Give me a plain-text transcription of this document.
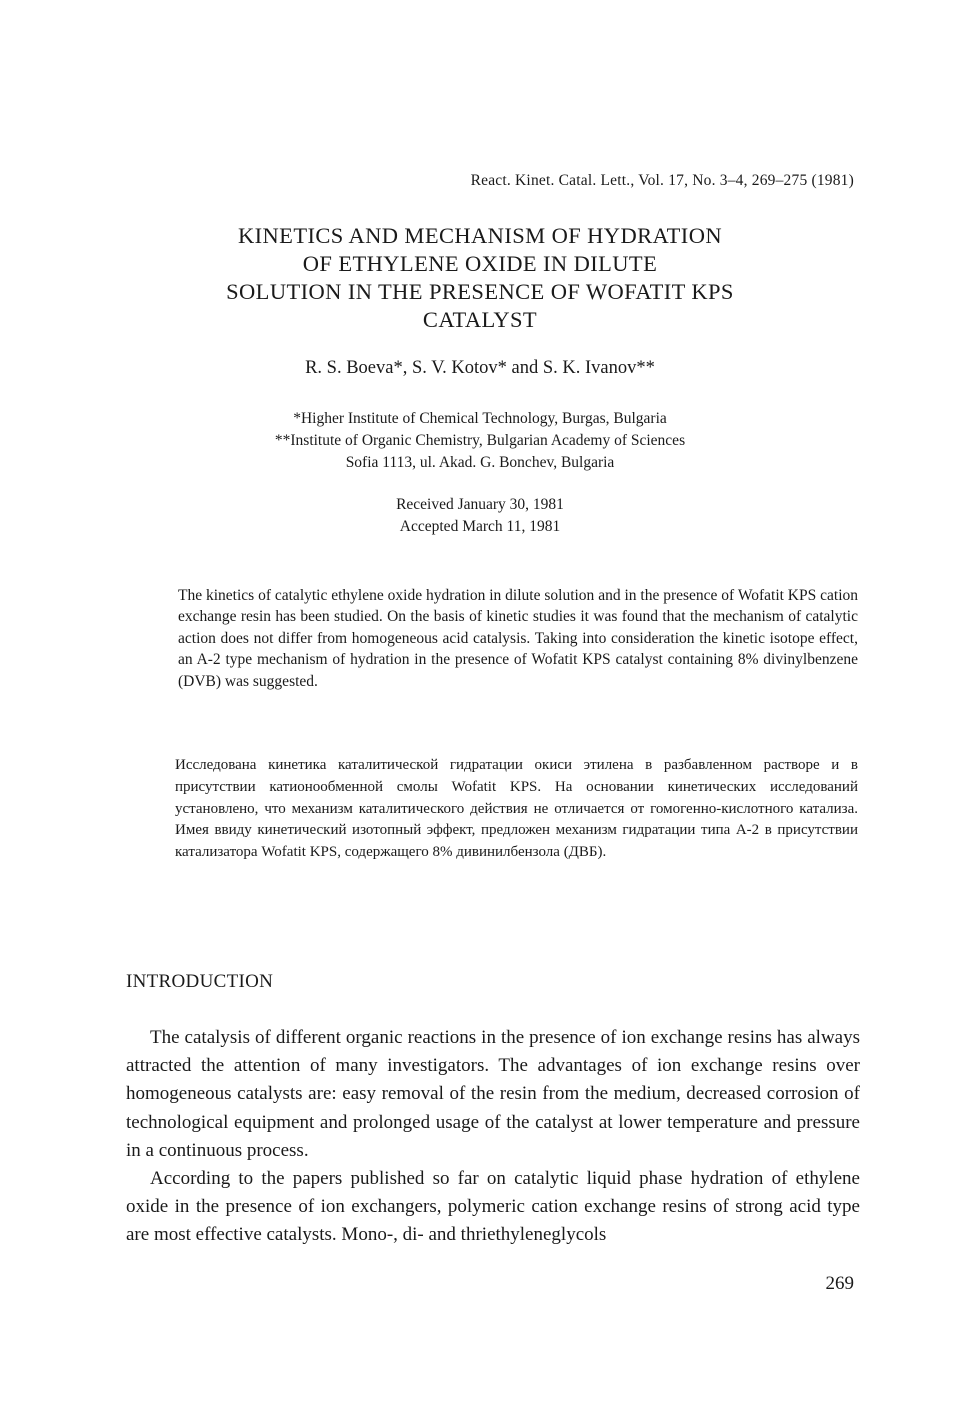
React. Kinet. Catal. Lett., Vol. 17, No. 3–4, 269–275 (1981)
KINETICS AND MECHANISM OF HYDRATION
OF ETHYLENE OXIDE IN DILUTE
SOLUTION IN THE PRESENCE OF WOFATIT KPS
CATALYST
R. S. Boeva*, S. V. Kotov* and S. K. Ivanov**
*Higher Institute of Chemical Technology, Burgas, Bulgaria
**Institute of Organic Chemistry, Bulgarian Academy of Sciences
Sofia 1113, ul. Akad. G. Bonchev, Bulgaria
Received January 30, 1981
Accepted March 11, 1981

The kinetics of catalytic ethylene oxide hydration in dilute solution and in the presence of Wofatit KPS cation exchange resin has been studied. On the basis of kinetic studies it was found that the mechanism of catalytic action does not differ from homogeneous acid catalysis. Taking into consideration the kinetic isotope effect, an A-2 type mechanism of hydration in the presence of Wofatit KPS catalyst containing 8% divinylbenzene (DVB) was suggested.

Исследована кинетика каталитической гидратации окиси этилена в разбавленном растворе и в присутствии катионообменной смолы Wofatit KPS. На основании кинетических исследований установлено, что механизм каталитического действия не отличается от гомогенно-кислотного катализа. Имея ввиду кинетический изотопный эффект, предложен механизм гидратации типа А-2 в присутствии катализатора Wofatit KPS, содержащего 8% дивинилбензола (ДВБ).

INTRODUCTION

The catalysis of different organic reactions in the presence of ion exchange resins has always attracted the attention of many investigators. The advantages of ion exchange resins over homogeneous catalysts are: easy removal of the resin from the medium, decreased corrosion of technological equipment and prolonged usage of the catalyst at lower temperature and pressure in a continuous process.

According to the papers published so far on catalytic liquid phase hydration of ethylene oxide in the presence of ion exchangers, polymeric cation exchange resins of strong acid type are most effective catalysts. Mono-, di- and thriethyleneglycols

269
